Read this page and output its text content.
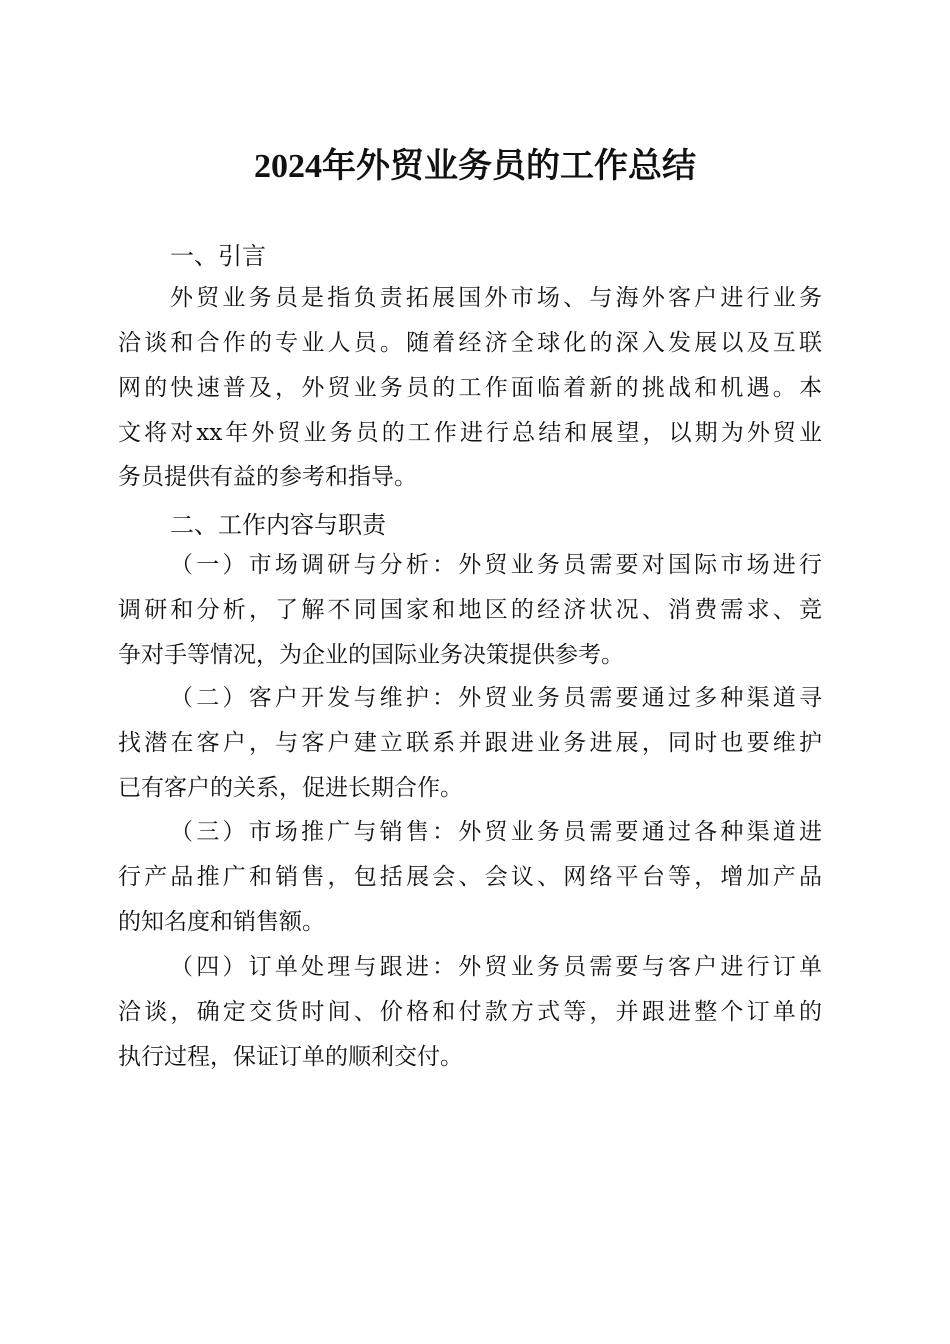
2024年外贸业务员的工作总结
一、引言
外贸业务员是指负责拓展国外市场、与海外客户进行业务
洽谈和合作的专业人员。随着经济全球化的深入发展以及互联
网的快速普及，外贸业务员的工作面临着新的挑战和机遇。本
文将对xx年外贸业务员的工作进行总结和展望，以期为外贸业
务员提供有益的参考和指导。
二、工作内容与职责
（一）市场调研与分析：外贸业务员需要对国际市场进行
调研和分析，了解不同国家和地区的经济状况、消费需求、竞
争对手等情况，为企业的国际业务决策提供参考。
（二）客户开发与维护：外贸业务员需要通过多种渠道寻
找潜在客户，与客户建立联系并跟进业务进展，同时也要维护
已有客户的关系，促进长期合作。
（三）市场推广与销售：外贸业务员需要通过各种渠道进
行产品推广和销售，包括展会、会议、网络平台等，增加产品
的知名度和销售额。
（四）订单处理与跟进：外贸业务员需要与客户进行订单
洽谈，确定交货时间、价格和付款方式等，并跟进整个订单的
执行过程，保证订单的顺利交付。
